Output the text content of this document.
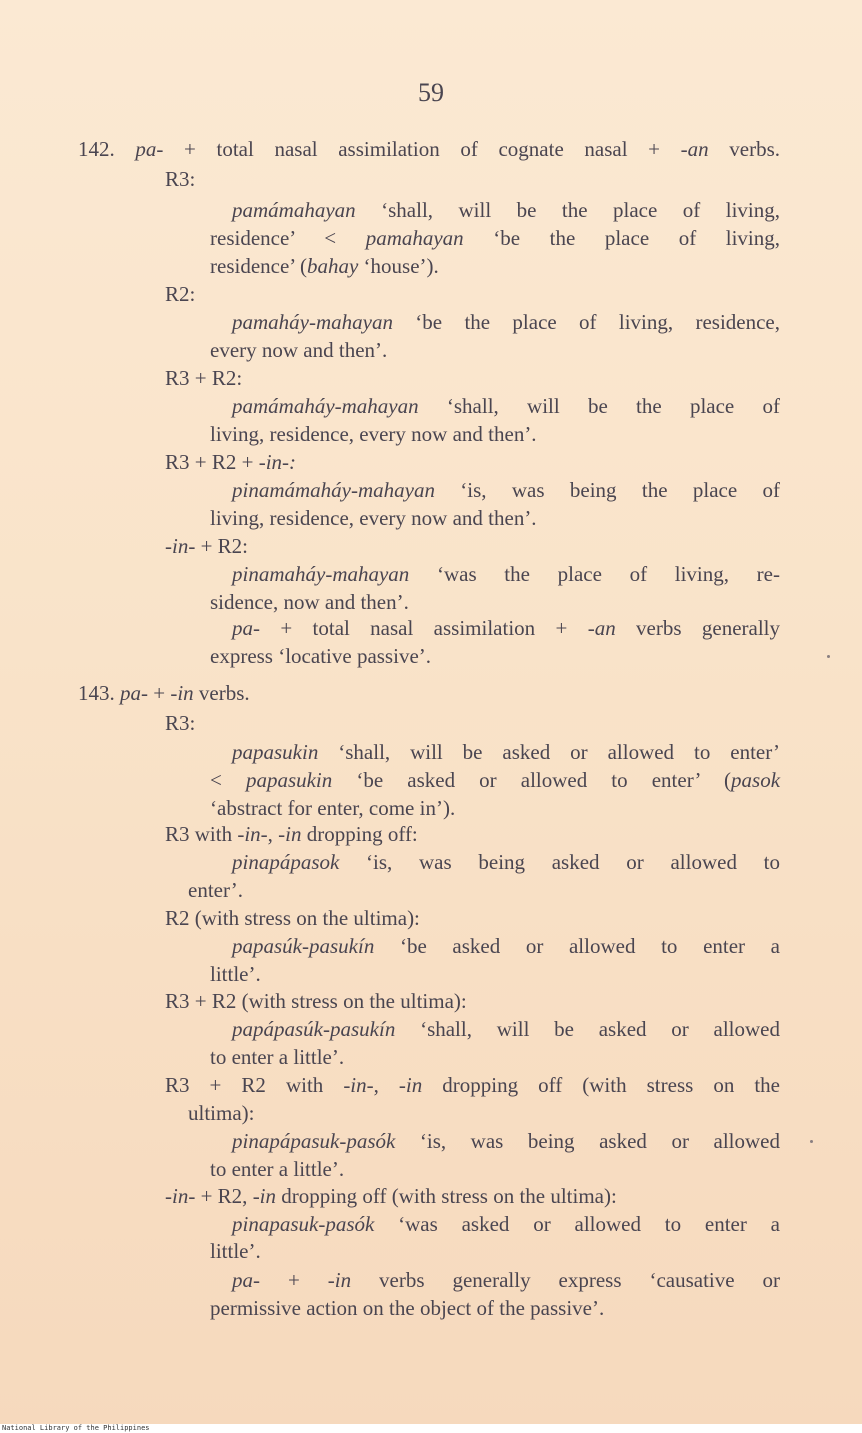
59
142. pa- + total nasal assimilation of cognate nasal + -an verbs.
R3:
pamámahayan ‘shall, will be the place of living,
residence’ < pamahayan ‘be the place of living,
residence’ (bahay ‘house’).
R2:
pamaháy-mahayan ‘be the place of living, residence,
every now and then’.
R3 + R2:
pamámaháy-mahayan ‘shall, will be the place of
living, residence, every now and then’.
R3 + R2 + -in-:
pinamámaháy-mahayan ‘is, was being the place of
living, residence, every now and then’.
-in- + R2:
pinamaháy-mahayan ‘was the place of living, re-
sidence, now and then’.
pa- + total nasal assimilation + -an verbs generally
express ‘locative passive’.
143. pa- + -in verbs.
R3:
papasukin ‘shall, will be asked or allowed to enter’
< papasukin ‘be asked or allowed to enter’ (pasok
‘abstract for enter, come in’).
R3 with -in-, -in dropping off:
pinapápasok ‘is, was being asked or allowed to
enter’.
R2 (with stress on the ultima):
papasúk-pasukín ‘be asked or allowed to enter a
little’.
R3 + R2 (with stress on the ultima):
papápasúk-pasukín ‘shall, will be asked or allowed
to enter a little’.
R3 + R2 with -in-, -in dropping off (with stress on the
ultima):
pinapápasuk-pasók ‘is, was being asked or allowed
to enter a little’.
-in- + R2, -in dropping off (with stress on the ultima):
pinapasuk-pasók ‘was asked or allowed to enter a
little’.
pa- + -in verbs generally express ‘causative or
permissive action on the object of the passive’.
National Library of the Philippines
